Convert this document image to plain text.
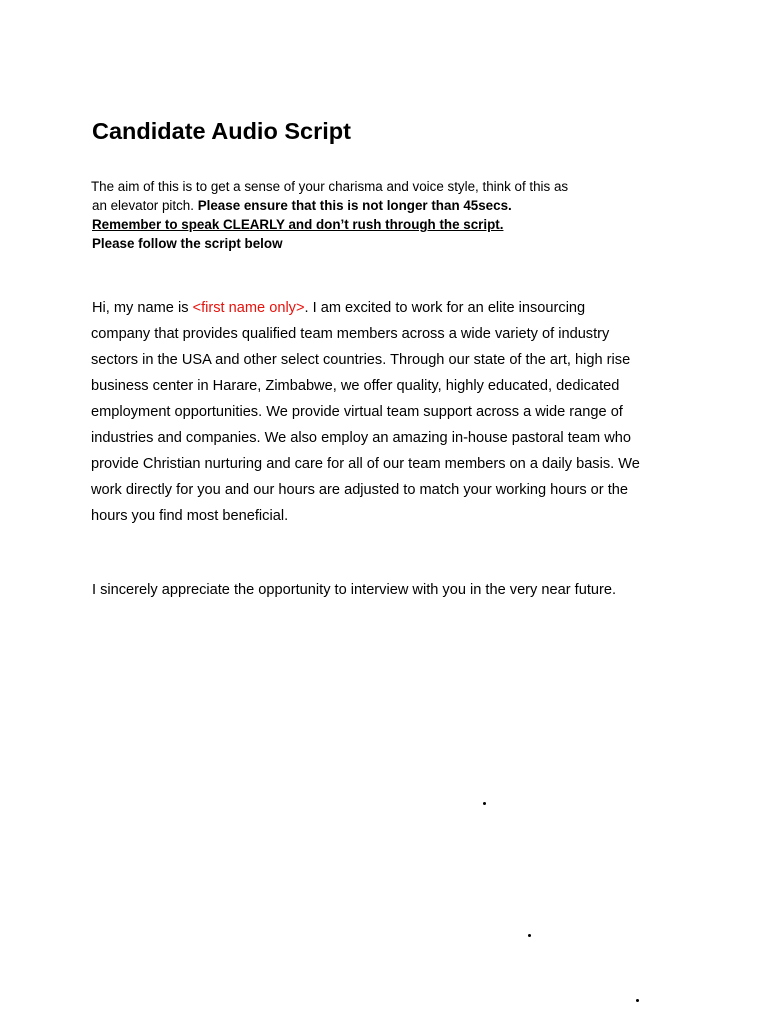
Candidate Audio Script
The aim of this is to get a sense of your charisma and voice style, think of this as
an elevator pitch. Please ensure that this is not longer than 45secs.
Remember to speak CLEARLY and don’t rush through the script.
Please follow the script below
Hi, my name is <first name only>. I am excited to work for an elite insourcing
company that provides qualified team members across a wide variety of industry
sectors in the USA and other select countries. Through our state of the art, high rise
business center in Harare, Zimbabwe, we offer quality, highly educated, dedicated
employment opportunities. We provide virtual team support across a wide range of
industries and companies. We also employ an amazing in-house pastoral team who
provide Christian nurturing and care for all of our team members on a daily basis. We
work directly for you and our hours are adjusted to match your working hours or the
hours you find most beneficial.

I sincerely appreciate the opportunity to interview with you in the very near future.
